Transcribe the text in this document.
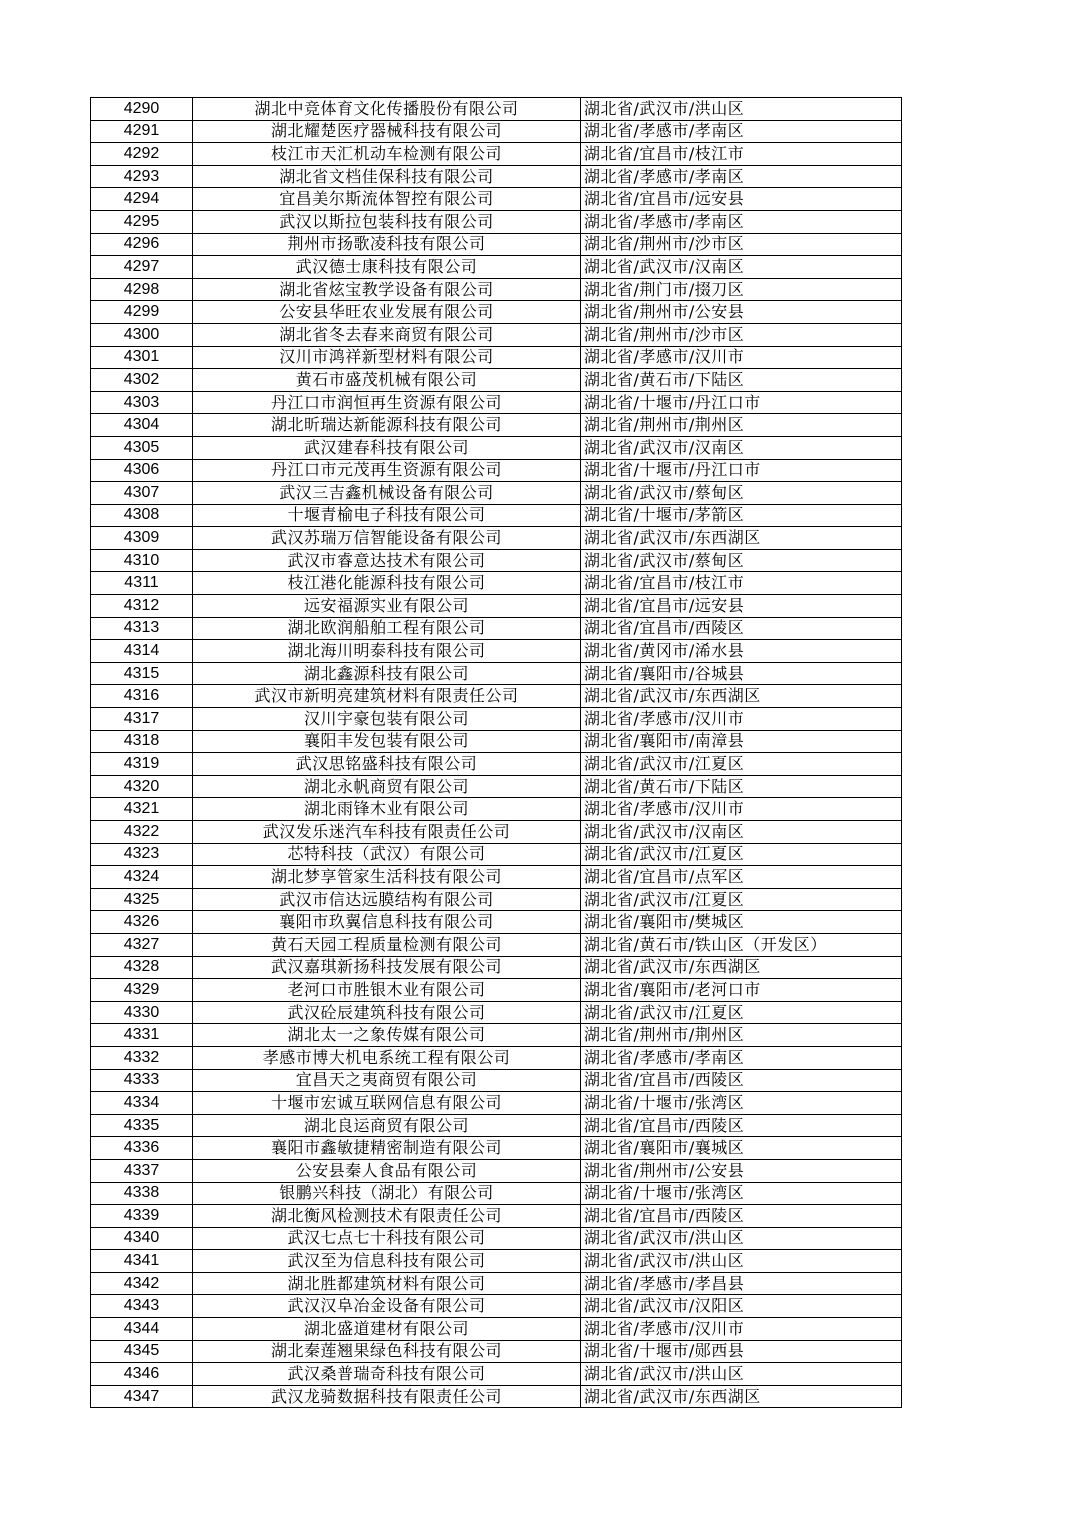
4290	湖北中竞体育文化传播股份有限公司	湖北省/武汉市/洪山区
4291	湖北耀楚医疗器械科技有限公司	湖北省/孝感市/孝南区
4292	枝江市天汇机动车检测有限公司	湖北省/宜昌市/枝江市
4293	湖北省文档佳保科技有限公司	湖北省/孝感市/孝南区
4294	宜昌美尔斯流体智控有限公司	湖北省/宜昌市/远安县
4295	武汉以斯拉包装科技有限公司	湖北省/孝感市/孝南区
4296	荆州市扬歌凌科技有限公司	湖北省/荆州市/沙市区
4297	武汉德士康科技有限公司	湖北省/武汉市/汉南区
4298	湖北省炫宝教学设备有限公司	湖北省/荆门市/掇刀区
4299	公安县华旺农业发展有限公司	湖北省/荆州市/公安县
4300	湖北省冬去春来商贸有限公司	湖北省/荆州市/沙市区
4301	汉川市鸿祥新型材料有限公司	湖北省/孝感市/汉川市
4302	黄石市盛茂机械有限公司	湖北省/黄石市/下陆区
4303	丹江口市润恒再生资源有限公司	湖北省/十堰市/丹江口市
4304	湖北昕瑞达新能源科技有限公司	湖北省/荆州市/荆州区
4305	武汉建春科技有限公司	湖北省/武汉市/汉南区
4306	丹江口市元茂再生资源有限公司	湖北省/十堰市/丹江口市
4307	武汉三吉鑫机械设备有限公司	湖北省/武汉市/蔡甸区
4308	十堰青榆电子科技有限公司	湖北省/十堰市/茅箭区
4309	武汉苏瑞万信智能设备有限公司	湖北省/武汉市/东西湖区
4310	武汉市睿意达技术有限公司	湖北省/武汉市/蔡甸区
4311	枝江港化能源科技有限公司	湖北省/宜昌市/枝江市
4312	远安福源实业有限公司	湖北省/宜昌市/远安县
4313	湖北欧润船舶工程有限公司	湖北省/宜昌市/西陵区
4314	湖北海川明泰科技有限公司	湖北省/黄冈市/浠水县
4315	湖北鑫源科技有限公司	湖北省/襄阳市/谷城县
4316	武汉市新明亮建筑材料有限责任公司	湖北省/武汉市/东西湖区
4317	汉川宇豪包装有限公司	湖北省/孝感市/汉川市
4318	襄阳丰发包装有限公司	湖北省/襄阳市/南漳县
4319	武汉思铭盛科技有限公司	湖北省/武汉市/江夏区
4320	湖北永帆商贸有限公司	湖北省/黄石市/下陆区
4321	湖北雨锋木业有限公司	湖北省/孝感市/汉川市
4322	武汉发乐迷汽车科技有限责任公司	湖北省/武汉市/汉南区
4323	芯特科技（武汉）有限公司	湖北省/武汉市/江夏区
4324	湖北梦享管家生活科技有限公司	湖北省/宜昌市/点军区
4325	武汉市信达远膜结构有限公司	湖北省/武汉市/江夏区
4326	襄阳市玖翼信息科技有限公司	湖北省/襄阳市/樊城区
4327	黄石天园工程质量检测有限公司	湖北省/黄石市/铁山区（开发区）
4328	武汉嘉琪新扬科技发展有限公司	湖北省/武汉市/东西湖区
4329	老河口市胜银木业有限公司	湖北省/襄阳市/老河口市
4330	武汉砼辰建筑科技有限公司	湖北省/武汉市/江夏区
4331	湖北太一之象传媒有限公司	湖北省/荆州市/荆州区
4332	孝感市博大机电系统工程有限公司	湖北省/孝感市/孝南区
4333	宜昌天之夷商贸有限公司	湖北省/宜昌市/西陵区
4334	十堰市宏诚互联网信息有限公司	湖北省/十堰市/张湾区
4335	湖北良运商贸有限公司	湖北省/宜昌市/西陵区
4336	襄阳市鑫敏捷精密制造有限公司	湖北省/襄阳市/襄城区
4337	公安县秦人食品有限公司	湖北省/荆州市/公安县
4338	银鹏兴科技（湖北）有限公司	湖北省/十堰市/张湾区
4339	湖北衡风检测技术有限责任公司	湖北省/宜昌市/西陵区
4340	武汉七点七十科技有限公司	湖北省/武汉市/洪山区
4341	武汉至为信息科技有限公司	湖北省/武汉市/洪山区
4342	湖北胜都建筑材料有限公司	湖北省/孝感市/孝昌县
4343	武汉汉阜冶金设备有限公司	湖北省/武汉市/汉阳区
4344	湖北盛道建材有限公司	湖北省/孝感市/汉川市
4345	湖北秦莲翘果绿色科技有限公司	湖北省/十堰市/郧西县
4346	武汉桑普瑞奇科技有限公司	湖北省/武汉市/洪山区
4347	武汉龙骑数据科技有限责任公司	湖北省/武汉市/东西湖区
